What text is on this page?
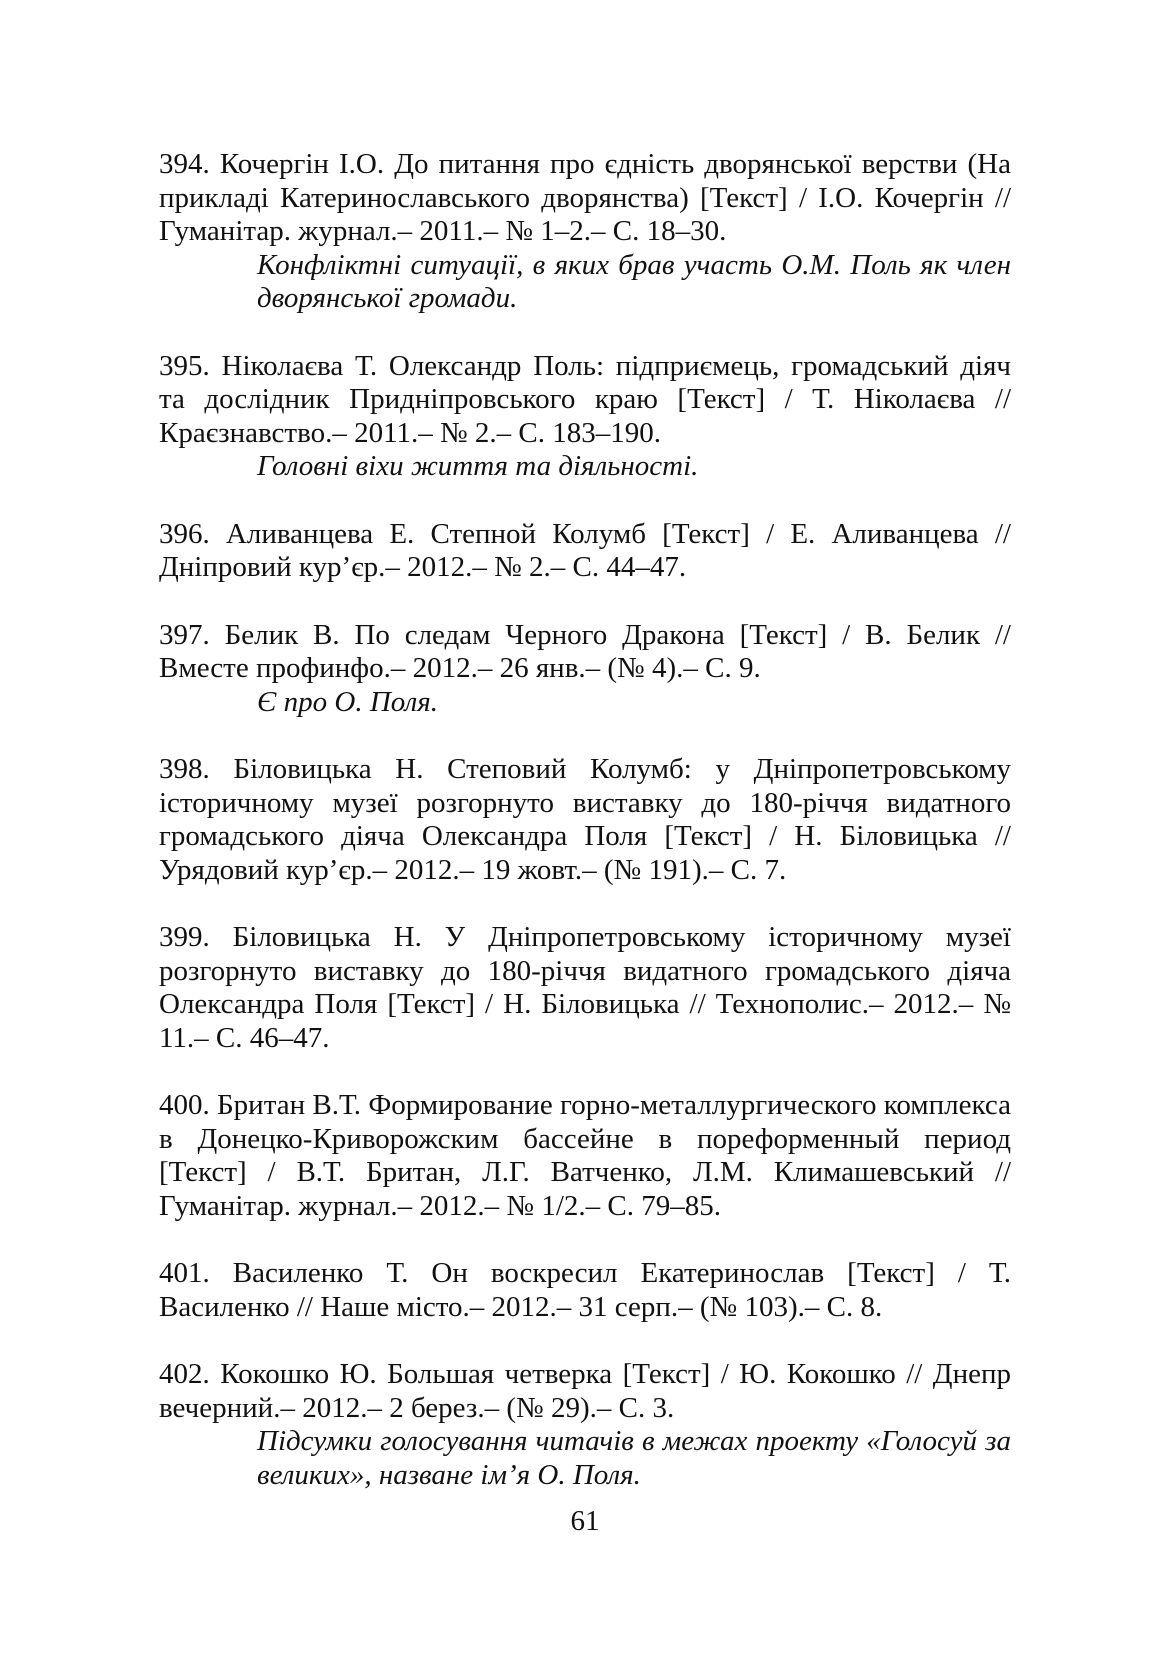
394. Кочергін І.О. До питання про єдність дворянської верстви (На прикладі Катеринославського дворянства) [Текст] / І.О. Кочергін // Гуманітар. журнал.– 2011.– № 1–2.– С. 18–30.
Конфліктні ситуації, в яких брав участь О.М. Поль як член дворянської громади.
395. Ніколаєва Т. Олександр Поль: підприємець, громадський діяч та дослідник Придніпровського краю [Текст] / Т. Ніколаєва // Краєзнавство.– 2011.– № 2.– С. 183–190.
Головні віхи життя та діяльності.
396. Аливанцева Е. Степной Колумб [Текст] / Е. Аливанцева // Дніпровий кур’єр.– 2012.– № 2.– С. 44–47.
397. Белик В. По следам Черного Дракона [Текст] / В. Белик // Вместе профинфо.– 2012.– 26 янв.– (№ 4).– С. 9.
Є про О. Поля.
398. Біловицька Н. Степовий Колумб: у Дніпропетровському історичному музеї розгорнуто виставку до 180-річчя видатного громадського діяча Олександра Поля [Текст] / Н. Біловицька // Урядовий кур’єр.– 2012.– 19 жовт.– (№ 191).– С. 7.
399. Біловицька Н. У Дніпропетровському історичному музеї розгорнуто виставку до 180-річчя видатного громадського діяча Олександра Поля [Текст] / Н. Біловицька // Технополис.– 2012.– № 11.– С. 46–47.
400. Британ В.Т. Формирование горно-металлургического комплекса в Донецко-Криворожским бассейне в пореформенный период [Текст] / В.Т. Британ, Л.Г. Ватченко, Л.М. Климашевський // Гуманітар. журнал.– 2012.– № 1/2.– С. 79–85.
401. Василенко Т. Он воскресил Екатеринослав [Текст] / Т. Василенко // Наше місто.– 2012.– 31 серп.– (№ 103).– С. 8.
402. Кокошко Ю. Большая четверка [Текст] / Ю. Кокошко // Днепр вечерний.– 2012.– 2 берез.– (№ 29).– С. 3.
Підсумки голосування читачів в межах проекту «Голосуй за великих», назване ім’я О. Поля.
61
